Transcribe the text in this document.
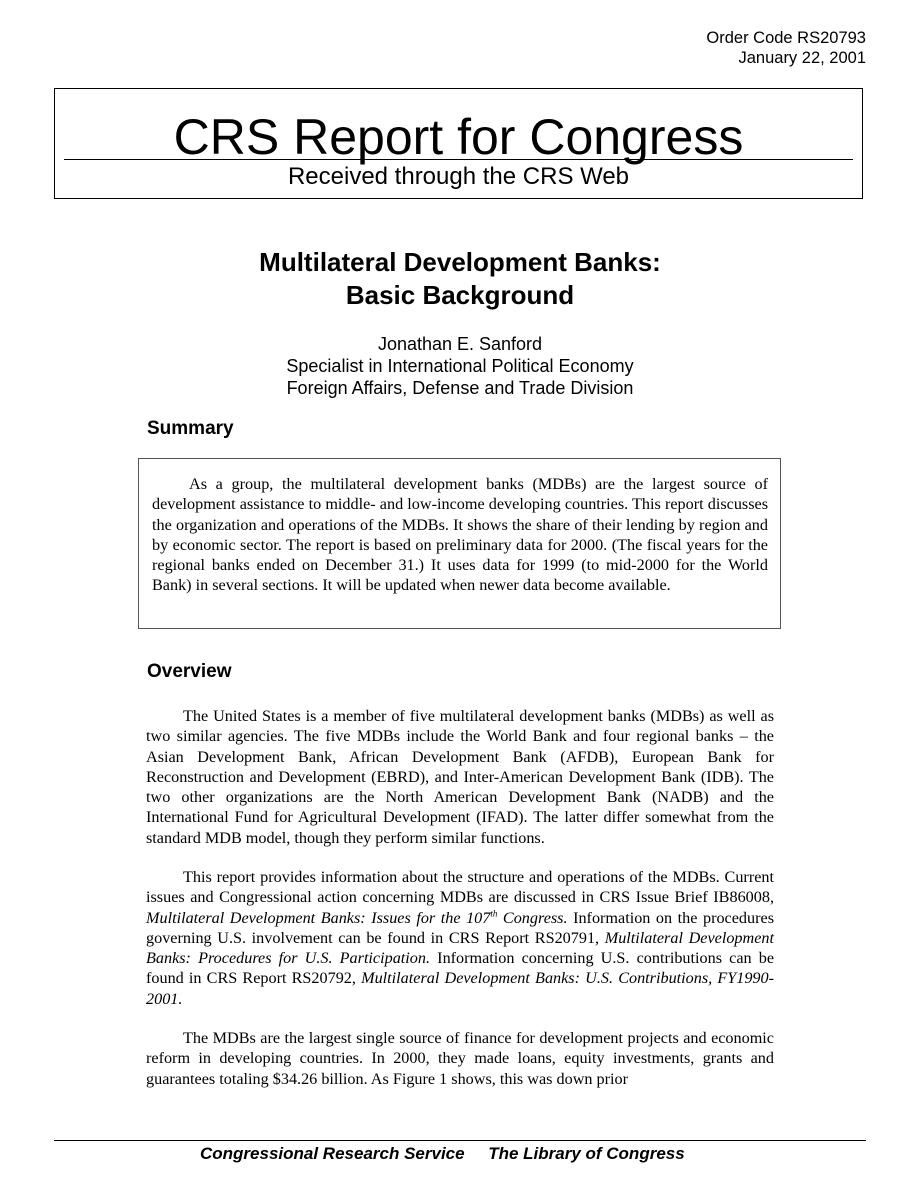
Order Code RS20793
January 22, 2001
CRS Report for Congress
Received through the CRS Web
Multilateral Development Banks:
Basic Background
Jonathan E. Sanford
Specialist in International Political Economy
Foreign Affairs, Defense and Trade Division
Summary

As a group, the multilateral development banks (MDBs) are the largest source of development assistance to middle- and low-income developing countries. This report discusses the organization and operations of the MDBs. It shows the share of their lending by region and by economic sector. The report is based on preliminary data for 2000. (The fiscal years for the regional banks ended on December 31.) It uses data for 1999 (to mid-2000 for the World Bank) in several sections. It will be updated when newer data become available.

Overview

The United States is a member of five multilateral development banks (MDBs) as well as two similar agencies. The five MDBs include the World Bank and four regional banks – the Asian Development Bank, African Development Bank (AFDB), European Bank for Reconstruction and Development (EBRD), and Inter-American Development Bank (IDB). The two other organizations are the North American Development Bank (NADB) and the International Fund for Agricultural Development (IFAD). The latter differ somewhat from the standard MDB model, though they perform similar functions.

This report provides information about the structure and operations of the MDBs. Current issues and Congressional action concerning MDBs are discussed in CRS Issue Brief IB86008, Multilateral Development Banks: Issues for the 107th Congress. Information on the procedures governing U.S. involvement can be found in CRS Report RS20791, Multilateral Development Banks: Procedures for U.S. Participation. Information concerning U.S. contributions can be found in CRS Report RS20792, Multilateral Development Banks: U.S. Contributions, FY1990-2001.

The MDBs are the largest single source of finance for development projects and economic reform in developing countries. In 2000, they made loans, equity investments, grants and guarantees totaling $34.26 billion. As Figure 1 shows, this was down prior

Congressional Research Service The Library of Congress
